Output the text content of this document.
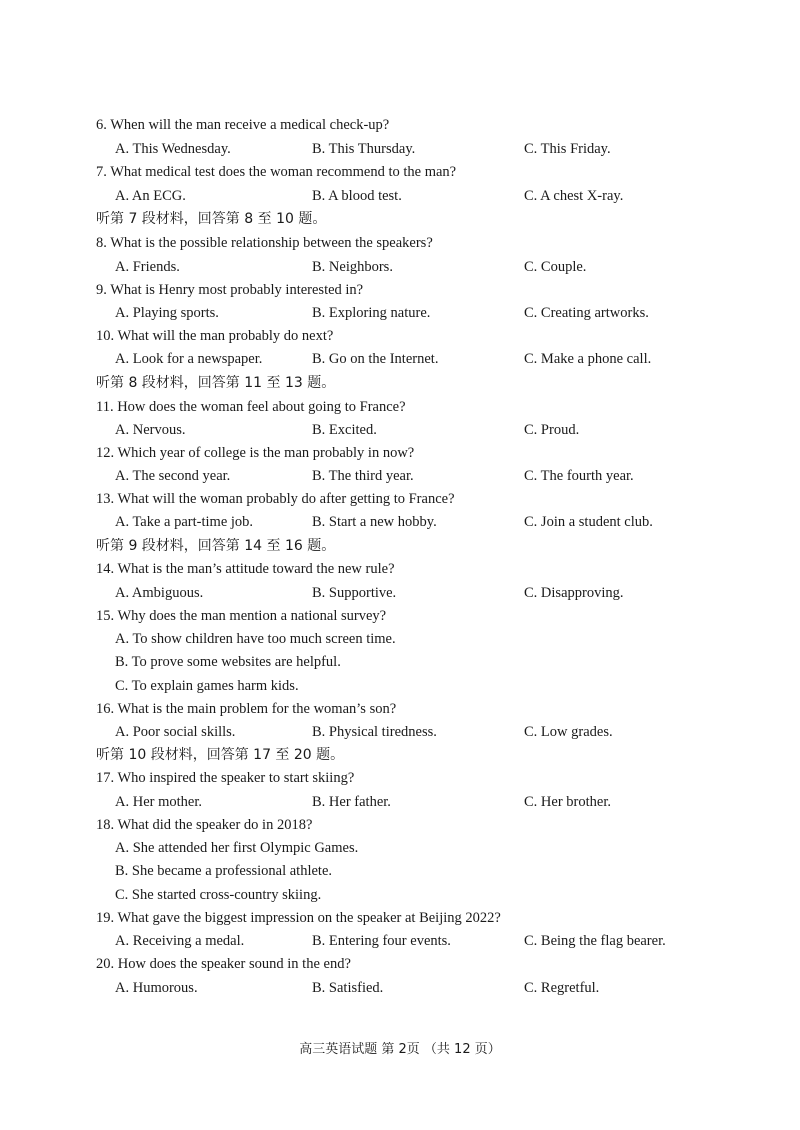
6. When will the man receive a medical check-up?
A. This Wednesday.	B. This Thursday.	C. This Friday.
7. What medical test does the woman recommend to the man?
A. An ECG.	B. A blood test.	C. A chest X-ray.
听第 7 段材料，回答第 8 至 10 题。
8. What is the possible relationship between the speakers?
A. Friends.	B. Neighbors.	C. Couple.
9. What is Henry most probably interested in?
A. Playing sports.	B. Exploring nature.	C. Creating artworks.
10. What will the man probably do next?
A. Look for a newspaper.	B. Go on the Internet.	C. Make a phone call.
听第 8 段材料，回答第 11 至 13 题。
11. How does the woman feel about going to France?
A. Nervous.	B. Excited.	C. Proud.
12. Which year of college is the man probably in now?
A. The second year.	B. The third year.	C. The fourth year.
13. What will the woman probably do after getting to France?
A. Take a part-time job.	B. Start a new hobby.	C. Join a student club.
听第 9 段材料，回答第 14 至 16 题。
14. What is the man’s attitude toward the new rule?
A. Ambiguous.	B. Supportive.	C. Disapproving.
15. Why does the man mention a national survey?
A. To show children have too much screen time.
B. To prove some websites are helpful.
C. To explain games harm kids.
16. What is the main problem for the woman’s son?
A. Poor social skills.	B. Physical tiredness.	C. Low grades.
听第 10 段材料，回答第 17 至 20 题。
17. Who inspired the speaker to start skiing?
A. Her mother.	B. Her father.	C. Her brother.
18. What did the speaker do in 2018?
A. She attended her first Olympic Games.
B. She became a professional athlete.
C. She started cross-country skiing.
19. What gave the biggest impression on the speaker at Beijing 2022?
A. Receiving a medal.	B. Entering four events.	C. Being the flag bearer.
20. How does the speaker sound in the end?
A. Humorous.	B. Satisfied.	C. Regretful.
高三英语试题 第 2页 （共 12 页）
